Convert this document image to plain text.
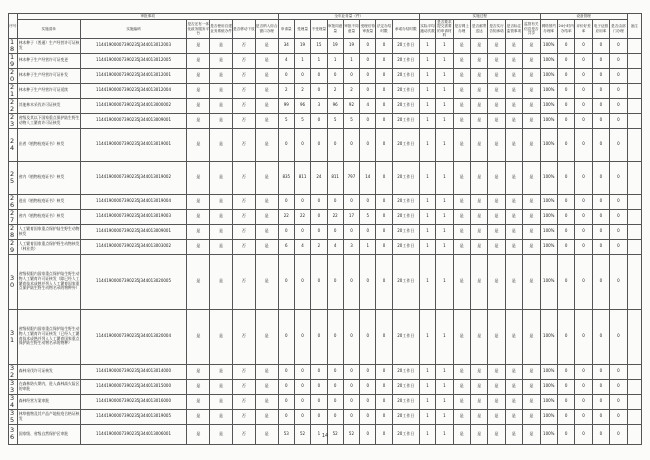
序号	审批事项						全年业务量（件）								实施过程							设备管理					备注
	实施清单	实施编码	是否还有一体化政务服务平台	是否使用自建业务系统办件	是否移动下放	是否纳入综合窗口办理	申请量	受理量	不受理量	审批同意量	审批不同意量	受理后待审查量	法定办结时限	承诺办结时限	实际平均跑动次数	是否要求提交需要的申请材料	是否网上办理	是否邮寄送达	是否实行告知承诺	是否标注监管事项	监管有关信息是否共享	网络预约办理率	24小时内办结率	评价好差率	电子证照应用率	是否由部门办理	
18	林木种子（普通）生产经营许可证核发	11441900007390235J344013012003	是	是	否	是	34	19	15	19	19	0	0	20工作日	1	1	是	是	是	是	是	100%	0	0	0	0	
19	林木种子生产经营许可证变更	11441900007390235J344013012005	是	是	否	是	4	1	1	1	1	0	0	20工作日	1	1	是	是	是	是	是	100%	0	0	0	0	
20	林木种子生产经营许可证补发	11441900007390235J344013012001	是	是	否	是	0	0	0	0	0	0	0	20工作日	1	1	是	是	是	是	是	100%	0	0	0	0	
21	林木种子生产经营许可证延续	11441900007390235J344013012004	是	是	否	是	2	2	0	2	2	0	0	20工作日	1	1	是	是	是	是	是	100%	0	0	0	0	
22	其他林木采伐许可证核发	11441900007390235J344013000002	是	是	否	是	99	96	3	96	92	4	0	20工作日	1	1	是	是	是	是	是	100%	0	0	0	0	
23	省级及其以下国家重点保护陆生野生动物人工繁育许可证核发	11441900007390235J344013009001	是	是	否	是	5	5	0	5	5	0	0	20工作日	1	1	是	是	是	是	是	100%	0	0	0	0	
24	出省《植物检疫证书》核发	11441900007390235J344013019001	是	是	否	是	0	0	0	0	0	0	0	20工作日	1	1	是	是	是	是	是	100%	0	0	0	0	
25	省内《植物检疫证书》核发	11441900007390235J344013019002	是	是	否	是	835	811	24	811	797	14	0	20工作日	1	1	是	是	是	是	是	100%	0	0	0	0	
26	进出《植物检疫证书》核发	11441900007390235J344013019004	是	是	否	是	0	0	0	0	0	0	0	20工作日	1	1	是	是	是	是	是	100%	0	0	0	0	
27	省内《植物检疫证书》核发	11441900007390235J344013019003	是	是	否	是	22	22	0	22	17	5	0	20工作日	1	1	是	是	是	是	是	100%	0	0	0	0	
28	人工繁育国家重点保护陆生野生动物核发	11441900007390235J344013009001	是	是	否	是	0	0	0	0	0	0	0	20工作日	1	1	是	是	是	是	是	100%	0	0	0	0	
29	人工繁育国家重点保护野生动物核发（林业类）	11441900007390235J344013003002	是	是	否	是	6	4	2	4	3	1	0	20工作日	1	1	是	是	是	是	是	100%	0	0	0	0	
30	省级权限内国家重点保护陆生野生动物人工繁育许可证核发（除已经人工繁育技术成熟并列入人工繁育国家重点保护陆生野生动物名录的物种外）	11441900007390235J344013020005	是	是	否	是	0	0	0	0	0	0	0	20工作日	1	1	是	是	是	是	是	100%	0	0	0	0	
31	省级权限内国家重点保护陆生野生动物人工繁育许可证核发（已经人工繁育技术成熟并列入人工繁育国家重点保护陆生野生动物名录的物种）	11441900007390235J344013020004	是	是	否	是	0	0	0	0	0	0	0	20工作日	1	1	是	是	是	是	是	100%	0	0	0	0	
32	森林采伐许可证核发	11441900007390235J344013014000	是	是	否	是	0	0	0	0	0	0	0	20工作日	1	1	是	是	是	是	是	100%	0	0	0	0	
33	在森林防火期内，进入森林高火险区的审批	11441900007390235J344013015000	是	是	否	是	0	0	0	0	0	0	0	20工作日	1	1	是	是	是	是	是	100%	0	0	0	0	
34	森林经营方案审批	11441900007390235J344013016000	是	是	否	是	0	0	0	0	0	0	0	20工作日	1	1	是	是	是	是	是	100%	0	0	0	0	
35	林草植物及其产品产地检疫合格证核发	11441900007390235J344013019005	是	是	否	是	0	0	0	0	0	0	0	20工作日	1	1	是	是	是	是	是	100%	0	0	0	0	
36	国家级、省级自然保护区审批	11441900007390235J344013006001	是	是	否	是	53	52	1	52	52	0	0	20工作日	1	1	是	是	是	是	是	100%	0	0	0	0	
14
